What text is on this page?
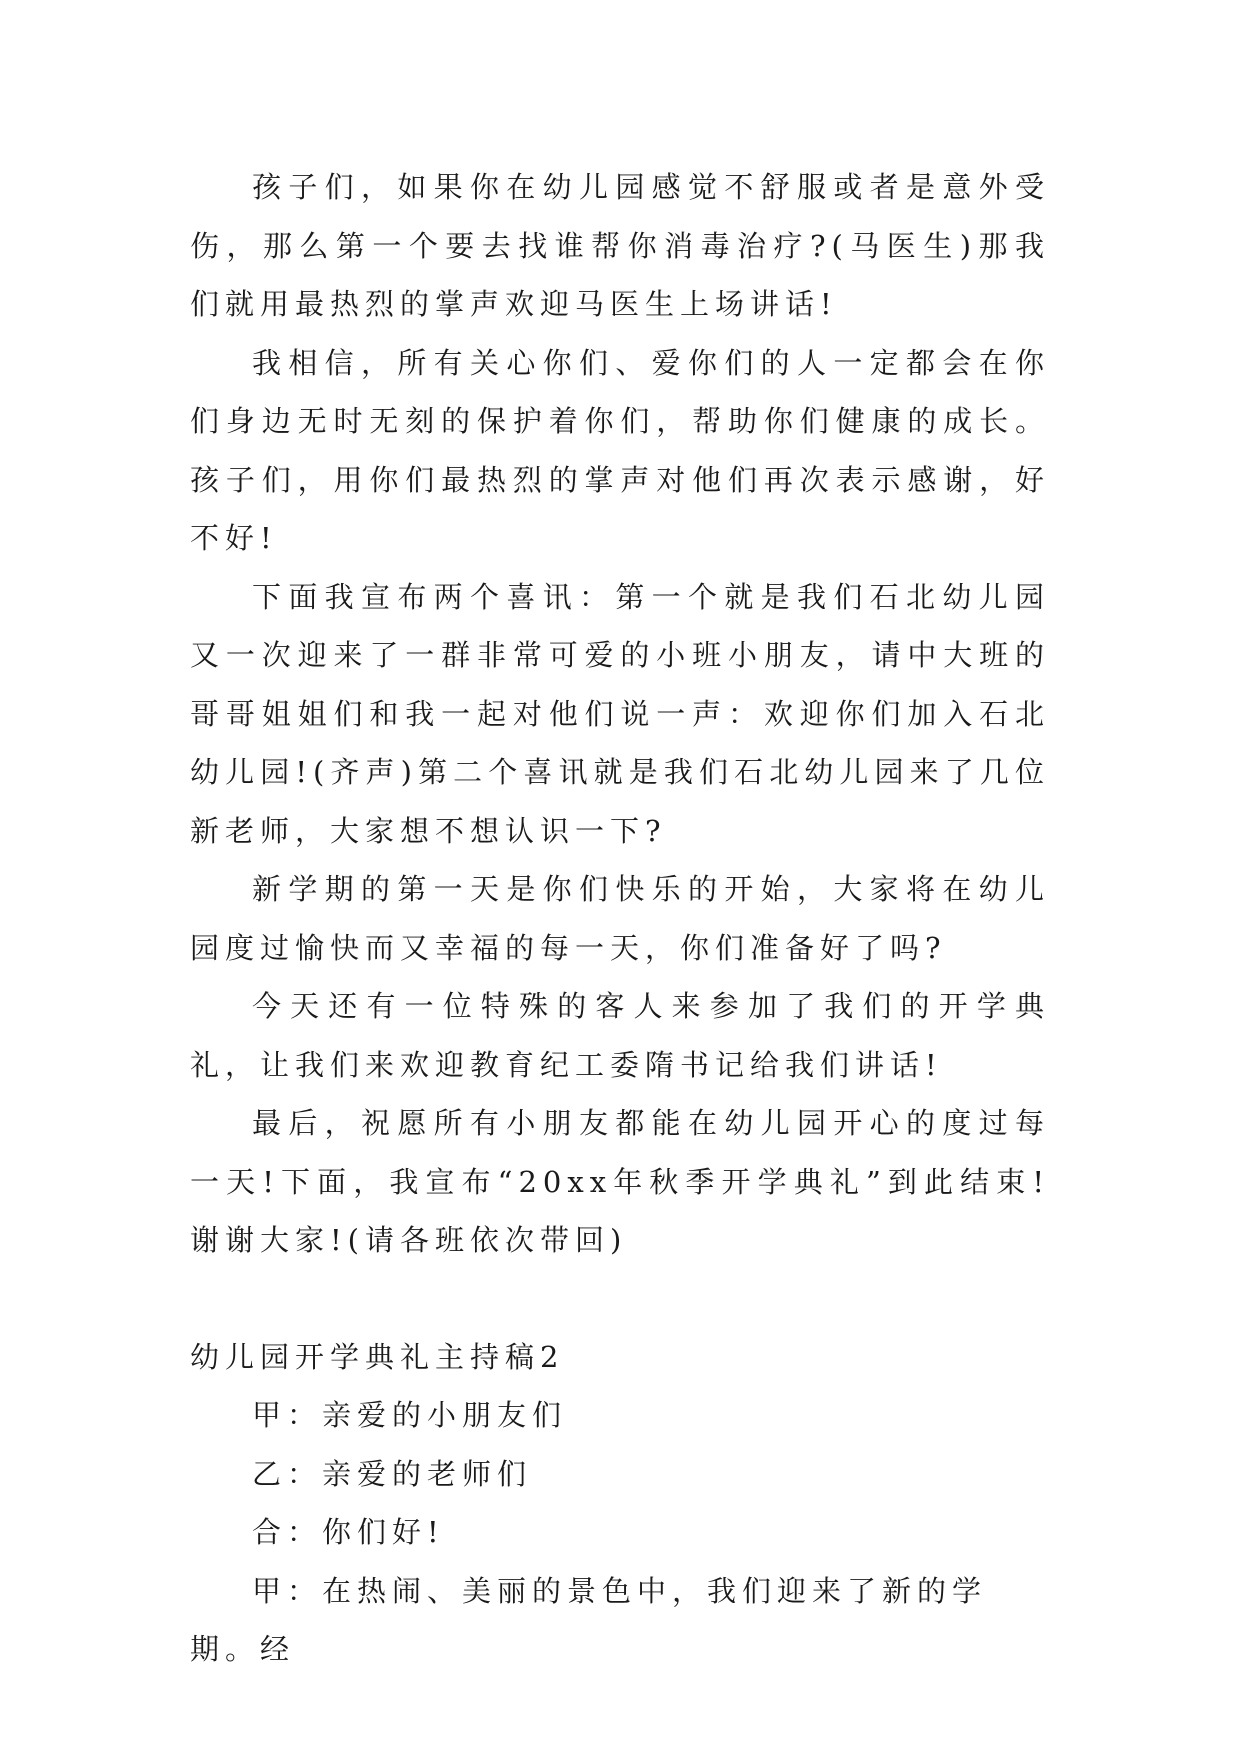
孩子们，如果你在幼儿园感觉不舒服或者是意外受伤，那么第一个要去找谁帮你消毒治疗?(马医生)那我们就用最热烈的掌声欢迎马医生上场讲话!

我相信，所有关心你们、爱你们的人一定都会在你们身边无时无刻的保护着你们，帮助你们健康的成长。孩子们，用你们最热烈的掌声对他们再次表示感谢，好不好!

下面我宣布两个喜讯：第一个就是我们石北幼儿园又一次迎来了一群非常可爱的小班小朋友，请中大班的哥哥姐姐们和我一起对他们说一声：欢迎你们加入石北幼儿园!(齐声)第二个喜讯就是我们石北幼儿园来了几位新老师，大家想不想认识一下?

新学期的第一天是你们快乐的开始，大家将在幼儿园度过愉快而又幸福的每一天，你们准备好了吗?

今天还有一位特殊的客人来参加了我们的开学典礼，让我们来欢迎教育纪工委隋书记给我们讲话!

最后，祝愿所有小朋友都能在幼儿园开心的度过每一天!下面，我宣布“20xx年秋季开学典礼”到此结束!谢谢大家!(请各班依次带回)

幼儿园开学典礼主持稿2

甲：亲爱的小朋友们

乙：亲爱的老师们

合：你们好!

甲：在热闹、美丽的景色中，我们迎来了新的学期。经
